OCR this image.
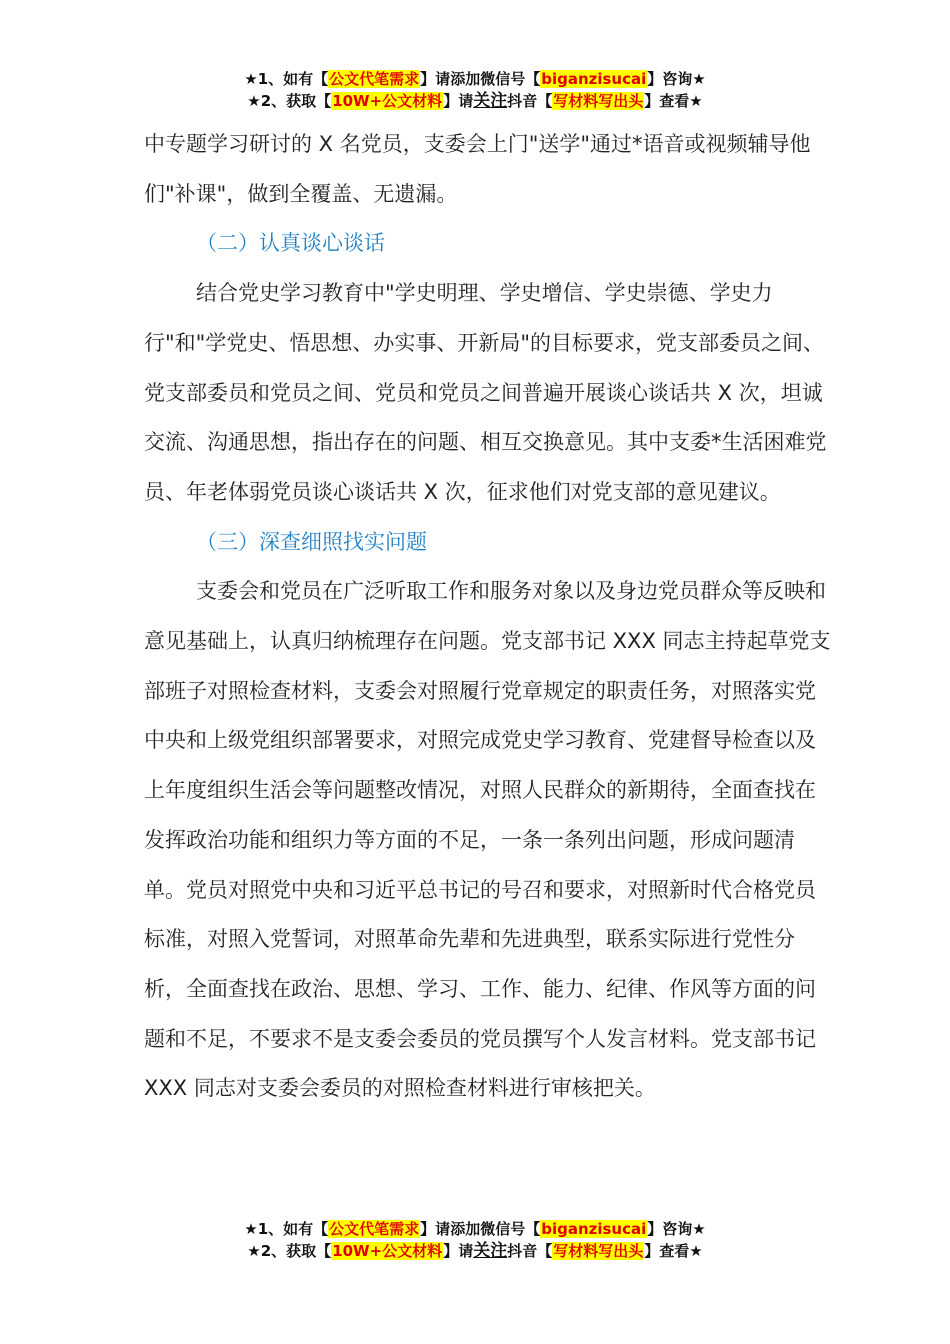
★1、如有【公文代笔需求】请添加微信号【biganzisucai】咨询★
★2、获取【10W+公文材料】请关注抖音【写材料写出头】查看★

中专题学习研讨的 X 名党员，支委会上门"送学"通过*语音或视频辅导他们"补课"，做到全覆盖、无遗漏。

（二）认真谈心谈话

结合党史学习教育中"学史明理、学史增信、学史崇德、学史力行"和"学党史、悟思想、办实事、开新局"的目标要求，党支部委员之间、党支部委员和党员之间、党员和党员之间普遍开展谈心谈话共 X 次，坦诚交流、沟通思想，指出存在的问题、相互交换意见。其中支委*生活困难党员、年老体弱党员谈心谈话共 X 次，征求他们对党支部的意见建议。

（三）深查细照找实问题

支委会和党员在广泛听取工作和服务对象以及身边党员群众等反映和意见基础上，认真归纳梳理存在问题。党支部书记 XXX 同志主持起草党支部班子对照检查材料，支委会对照履行党章规定的职责任务，对照落实党中央和上级党组织部署要求，对照完成党史学习教育、党建督导检查以及上年度组织生活会等问题整改情况，对照人民群众的新期待，全面查找在发挥政治功能和组织力等方面的不足，一条一条列出问题，形成问题清单。党员对照党中央和习近平总书记的号召和要求，对照新时代合格党员标准，对照入党誓词，对照革命先辈和先进典型，联系实际进行党性分析，全面查找在政治、思想、学习、工作、能力、纪律、作风等方面的问题和不足，不要求不是支委会委员的党员撰写个人发言材料。党支部书记 XXX 同志对支委会委员的对照检查材料进行审核把关。

★1、如有【公文代笔需求】请添加微信号【biganzisucai】咨询★
★2、获取【10W+公文材料】请关注抖音【写材料写出头】查看★
